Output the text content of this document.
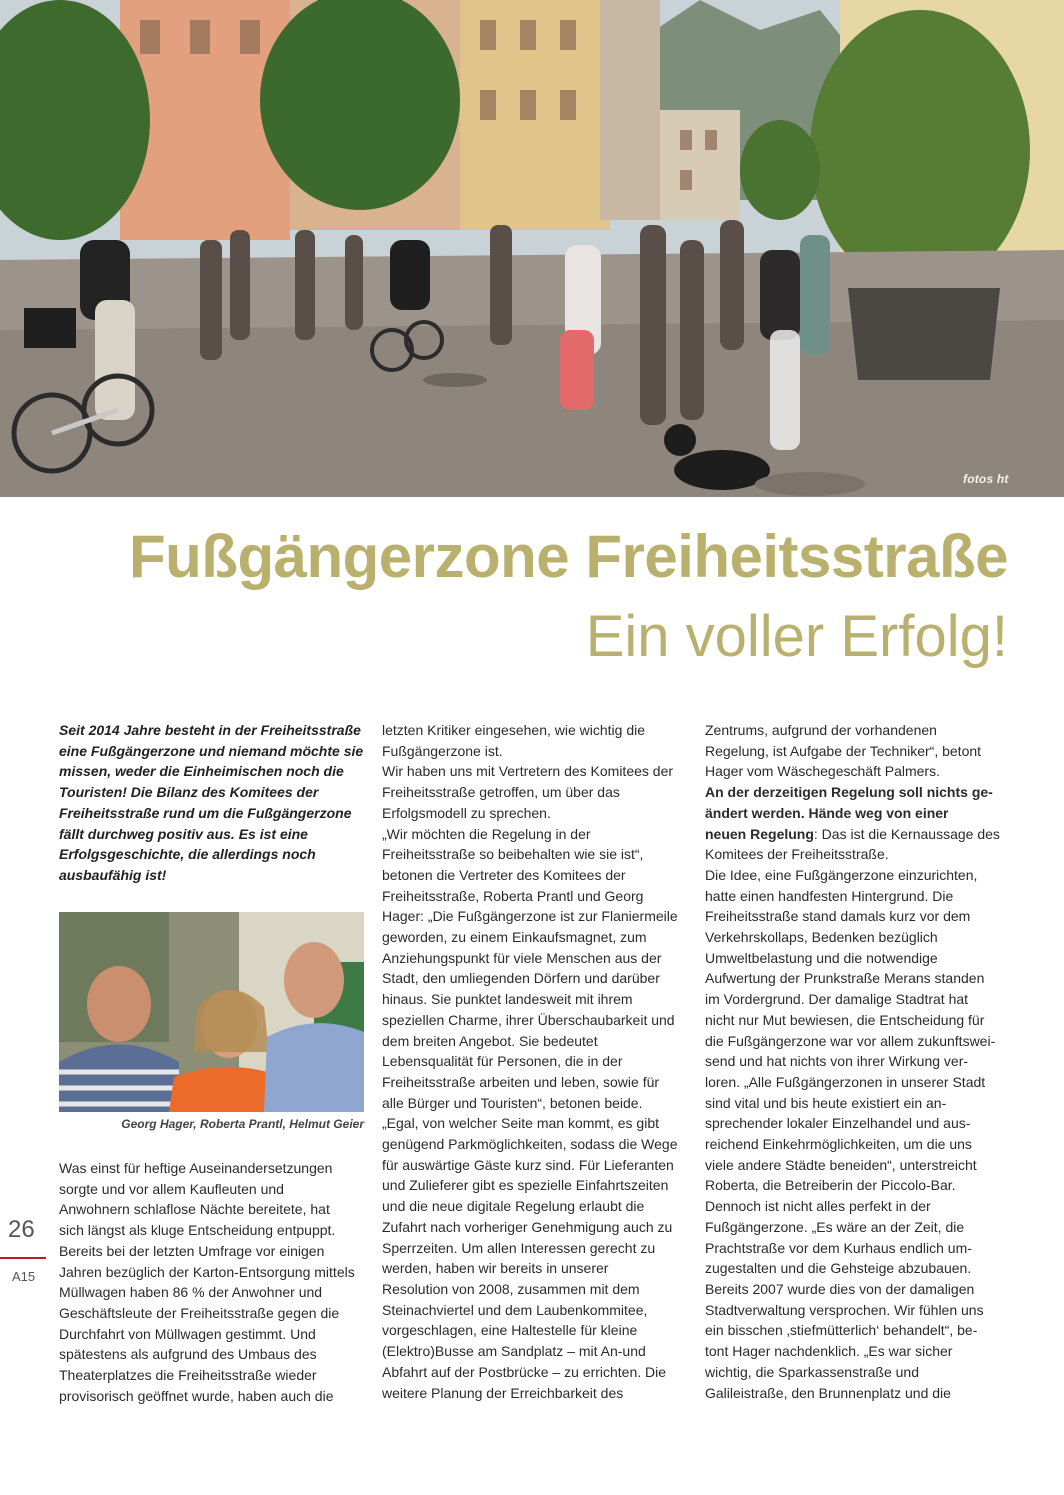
fotos ht
Fußgängerzone Freiheitsstraße
Ein voller Erfolg!
Seit 2014 Jahre besteht in der Freiheitsstraße
eine Fußgängerzone und niemand möchte sie
missen, weder die Einheimischen noch die
Touristen! Die Bilanz des Komitees der
Freiheitsstraße rund um die Fußgängerzone
fällt durchweg positiv aus. Es ist eine
Erfolgsgeschichte, die allerdings noch
ausbaufähig ist!
Georg Hager, Roberta Prantl, Helmut Geier
Was einst für heftige Auseinandersetzungen
sorgte und vor allem Kaufleuten und
Anwohnern schlaflose Nächte bereitete, hat
sich längst als kluge Entscheidung entpuppt.
Bereits bei der letzten Umfrage vor einigen
Jahren bezüglich der Karton-Entsorgung mittels
Müllwagen haben 86 % der Anwohner und
Geschäftsleute der Freiheitsstraße gegen die
Durchfahrt von Müllwagen gestimmt. Und
spätestens als aufgrund des Umbaus des
Theaterplatzes die Freiheitsstraße wieder
provisorisch geöffnet wurde, haben auch die
letzten Kritiker eingesehen, wie wichtig die
Fußgängerzone ist.
Wir haben uns mit Vertretern des Komitees der
Freiheitsstraße getroffen, um über das
Erfolgsmodell zu sprechen.
„Wir möchten die Regelung in der
Freiheitsstraße so beibehalten wie sie ist“,
betonen die Vertreter des Komitees der
Freiheitsstraße, Roberta Prantl und Georg
Hager: „Die Fußgängerzone ist zur Flaniermeile
geworden, zu einem Einkaufsmagnet, zum
Anziehungspunkt für viele Menschen aus der
Stadt, den umliegenden Dörfern und darüber
hinaus. Sie punktet landesweit mit ihrem
speziellen Charme, ihrer Überschaubarkeit und
dem breiten Angebot. Sie bedeutet
Lebensqualität für Personen, die in der
Freiheitsstraße arbeiten und leben, sowie für
alle Bürger und Touristen“, betonen beide.
„Egal, von welcher Seite man kommt, es gibt
genügend Parkmöglichkeiten, sodass die Wege
für auswärtige Gäste kurz sind. Für Lieferanten
und Zulieferer gibt es spezielle Einfahrtszeiten
und die neue digitale Regelung erlaubt die
Zufahrt nach vorheriger Genehmigung auch zu
Sperrzeiten. Um allen Interessen gerecht zu
werden, haben wir bereits in unserer
Resolution von 2008, zusammen mit dem
Steinachviertel und dem Laubenkommitee,
vorgeschlagen, eine Haltestelle für kleine
(Elektro)Busse am Sandplatz – mit An-und
Abfahrt auf der Postbrücke – zu errichten. Die
weitere Planung der Erreichbarkeit des
Zentrums, aufgrund der vorhandenen
Regelung, ist Aufgabe der Techniker“, betont
Hager vom Wäschegeschäft Palmers.
An der derzeitigen Regelung soll nichts ge-
ändert werden. Hände weg von einer
neuen Regelung: Das ist die Kernaussage des
Komitees der Freiheitsstraße.
Die Idee, eine Fußgängerzone einzurichten,
hatte einen handfesten Hintergrund. Die
Freiheitsstraße stand damals kurz vor dem
Verkehrskollaps, Bedenken bezüglich
Umweltbelastung und die notwendige
Aufwertung der Prunkstraße Merans standen
im Vordergrund. Der damalige Stadtrat hat
nicht nur Mut bewiesen, die Entscheidung für
die Fußgängerzone war vor allem zukunftswei-
send und hat nichts von ihrer Wirkung ver-
loren. „Alle Fußgängerzonen in unserer Stadt
sind vital und bis heute existiert ein an-
sprechender lokaler Einzelhandel und aus-
reichend Einkehrmöglichkeiten, um die uns
viele andere Städte beneiden“, unterstreicht
Roberta, die Betreiberin der Piccolo-Bar.
Dennoch ist nicht alles perfekt in der
Fußgängerzone. „Es wäre an der Zeit, die
Prachtstraße vor dem Kurhaus endlich um-
zugestalten und die Gehsteige abzubauen.
Bereits 2007 wurde dies von der damaligen
Stadtverwaltung versprochen. Wir fühlen uns
ein bisschen ‚stiefmütterlich‘ behandelt“, be-
tont Hager nachdenklich. „Es war sicher
wichtig, die Sparkassenstraße und
Galileistraße, den Brunnenplatz und die
26
A15
